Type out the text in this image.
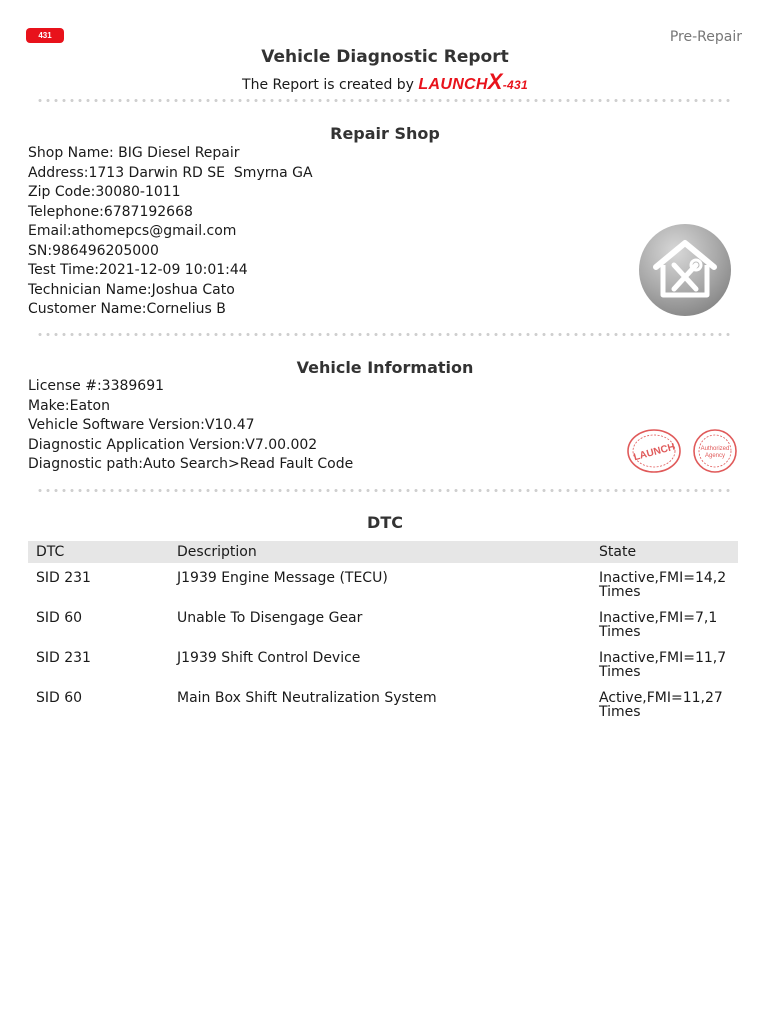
431	Pre-Repair
Vehicle Diagnostic Report
The Report is created by LAUNCHX-431
Repair Shop
Shop Name: BIG Diesel Repair
Address:1713 Darwin RD SE  Smyrna GA
Zip Code:30080-1011
Telephone:6787192668
Email:athomepcs@gmail.com
SN:986496205000
Test Time:2021-12-09 10:01:44
Technician Name:Joshua Cato
Customer Name:Cornelius B
Vehicle Information
License #:3389691
Make:Eaton
Vehicle Software Version:V10.47
Diagnostic Application Version:V7.00.002
Diagnostic path:Auto Search>Read Fault Code
LAUNCH	Authorized
Agency
DTC
DTC	Description	State
SID 231	J1939 Engine Message (TECU)	Inactive,FMI=14,2
Times

SID 60	Unable To Disengage Gear	Inactive,FMI=7,1
Times

SID 231	J1939 Shift Control Device	Inactive,FMI=11,7
Times

SID 60	Main Box Shift Neutralization System	Active,FMI=11,27
Times
